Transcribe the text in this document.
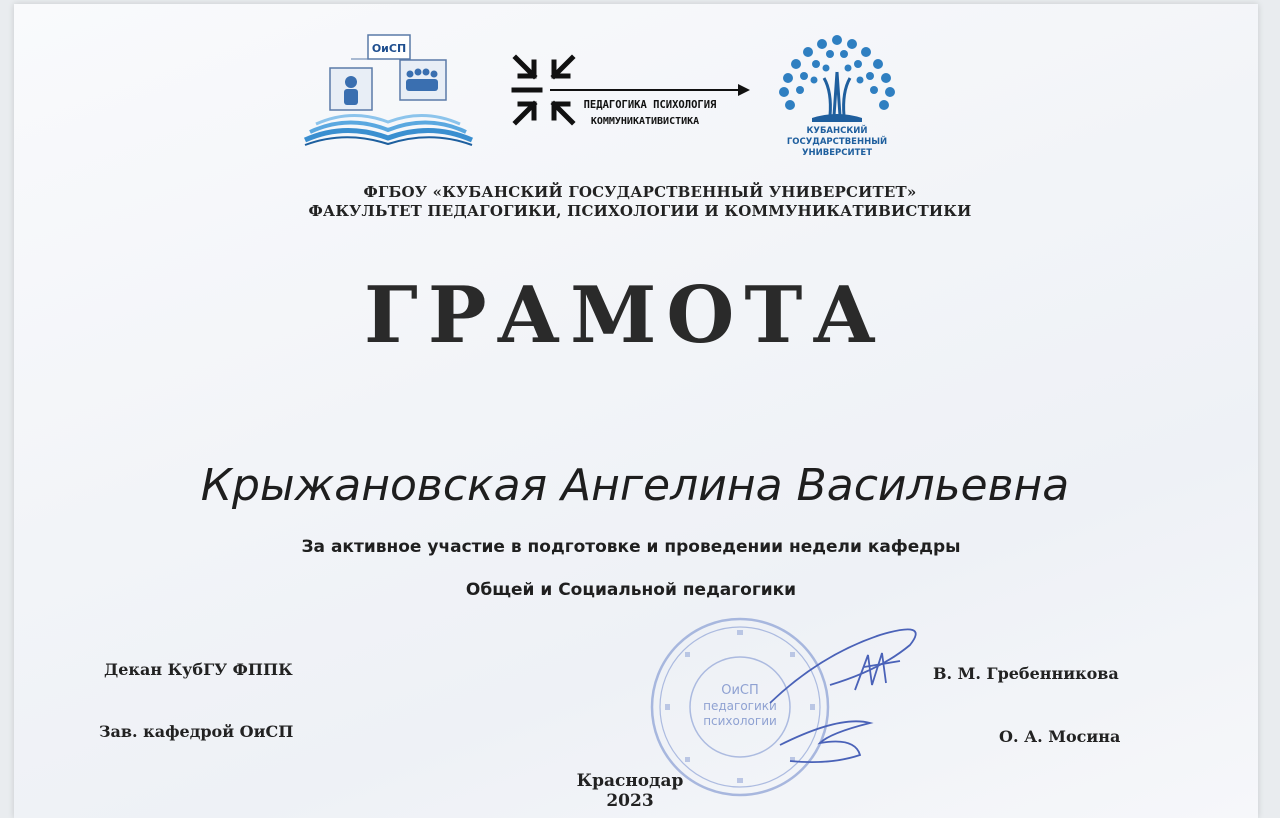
ОиСП
ПЕДАГОГИКА ПСИХОЛОГИЯ
КОММУНИКАТИВИСТИКА
КУБАНСКИЙ
ГОСУДАРСТВЕННЫЙ
УНИВЕРСИТЕТ
ФГБОУ «КУБАНСКИЙ ГОСУДАРСТВЕННЫЙ УНИВЕРСИТЕТ»
ФАКУЛЬТЕТ ПЕДАГОГИКИ, ПСИХОЛОГИИ И КОММУНИКАТИВИСТИКИ
ГРАМОТА
Крыжановская Ангелина Васильевна
За активное участие в подготовке и проведении недели кафедры
Общей и Социальной педагогики
Декан КубГУ ФППК	В. М. Гребенникова
Зав. кафедрой ОиСП	О. А. Мосина
ОиСП
педагогики
психологии
Краснодар
2023
